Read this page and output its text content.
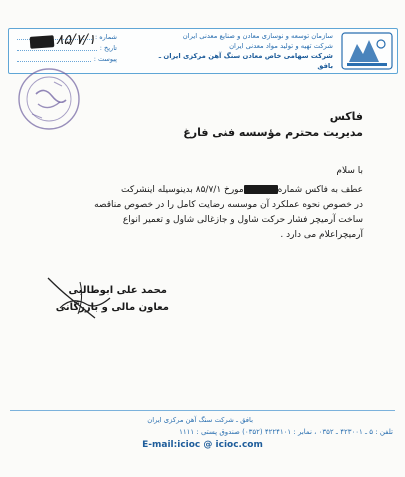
سازمان توسعه و نوسازی معادن و صنایع معدنی ایران
شرکت تهیه و تولید مواد معدنی ایران
شرکت سهامی خاص معادن سنگ آهن مرکزی ایران ـ بافق
شماره :
تاریخ :
پیوست :
۸۵/۷/۱
فاکس
مدیریت محترم مؤسسه فنی فارغ
با سلام
عطف به فاکس شمارهمورخ ۸۵/۷/۱ بدینوسیله اینشرکت
در خصوص نحوه عملکرد آن موسسه رضایت کامل را در خصوص مناقصه
ساخت آرمیچر فشار حرکت شاول و جازغالی شاول و تعمیر انواع
آرمیچراعلام می دارد .
محمد علی ابوطالبی
معاون مالی و بازرگانی
بافق ـ شرکت سنگ آهن مرکزی ایران
تلفن : ۵ ـ ۴۲۳۰۰۱ ـ ۰۳۵۲ ، نمابر : ۴۲۲۴۱۰۱ (۰۳۵۲) صندوق پستی : ۱۱۱۱
E-mail:icioc @ icioc.com
